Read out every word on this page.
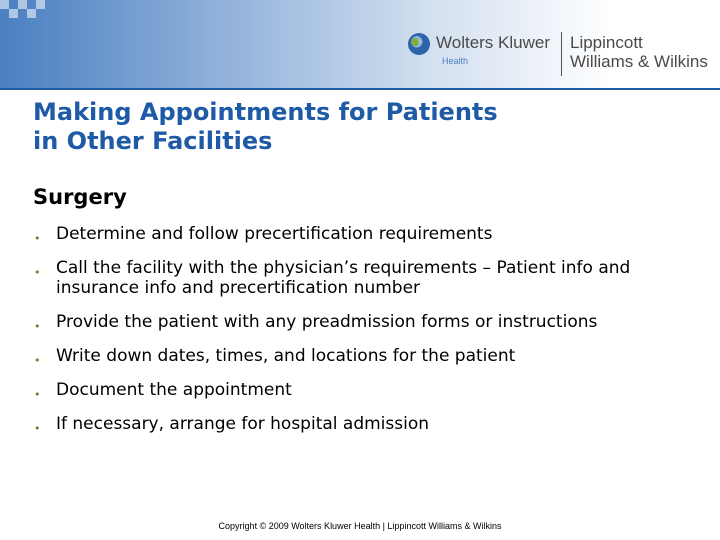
Wolters Kluwer
Health
Lippincott
Williams & Wilkins
Making Appointments for Patients
in Other Facilities
Surgery
• Determine and follow precertification requirements
• Call the facility with the physician’s requirements – Patient info and insurance info and precertification number
• Provide the patient with any preadmission forms or instructions
• Write down dates, times, and locations for the patient
• Document the appointment
• If necessary, arrange for hospital admission
Copyright © 2009 Wolters Kluwer Health | Lippincott Williams & Wilkins
